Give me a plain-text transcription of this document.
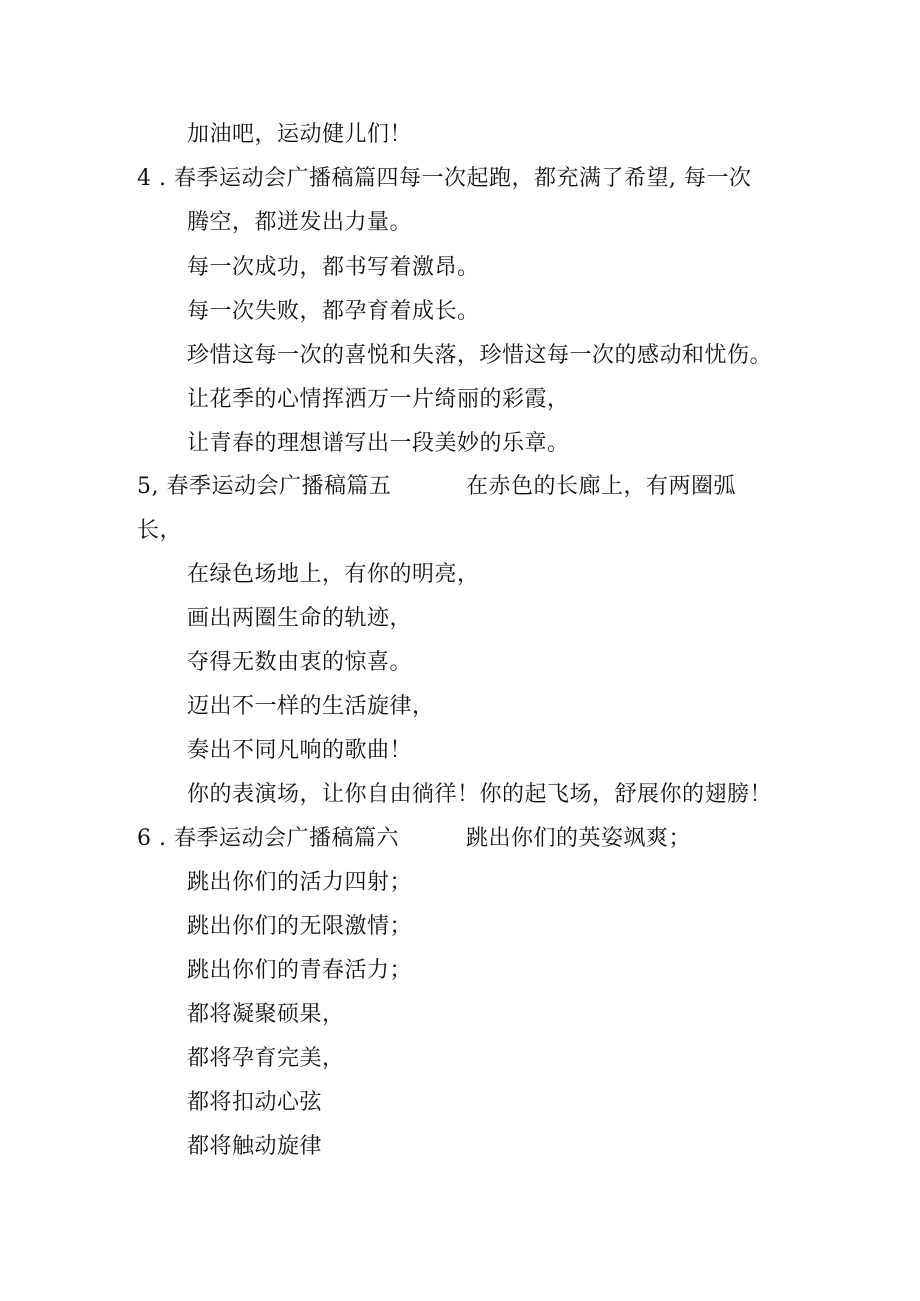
加油吧，运动健儿们！
4 . 春季运动会广播稿篇四每一次起跑，都充满了希望, 每一次
腾空，都迸发出力量。
每一次成功，都书写着激昂。
每一次失败，都孕育着成长。
珍惜这每一次的喜悦和失落，珍惜这每一次的感动和忧伤。
让花季的心情挥洒万一片绮丽的彩霞，
让青春的理想谱写出一段美妙的乐章。
5, 春季运动会广播稿篇五	在赤色的长廊上，有两圈弧
长，
在绿色场地上，有你的明亮，
画出两圈生命的轨迹，
夺得无数由衷的惊喜。
迈出不一样的生活旋律，
奏出不同凡响的歌曲！
你的表演场，让你自由徜徉！你的起飞场，舒展你的翅膀！
6 . 春季运动会广播稿篇六	跳出你们的英姿飒爽；
跳出你们的活力四射；
跳出你们的无限激情；
跳出你们的青春活力；
都将凝聚硕果，
都将孕育完美，
都将扣动心弦
都将触动旋律
